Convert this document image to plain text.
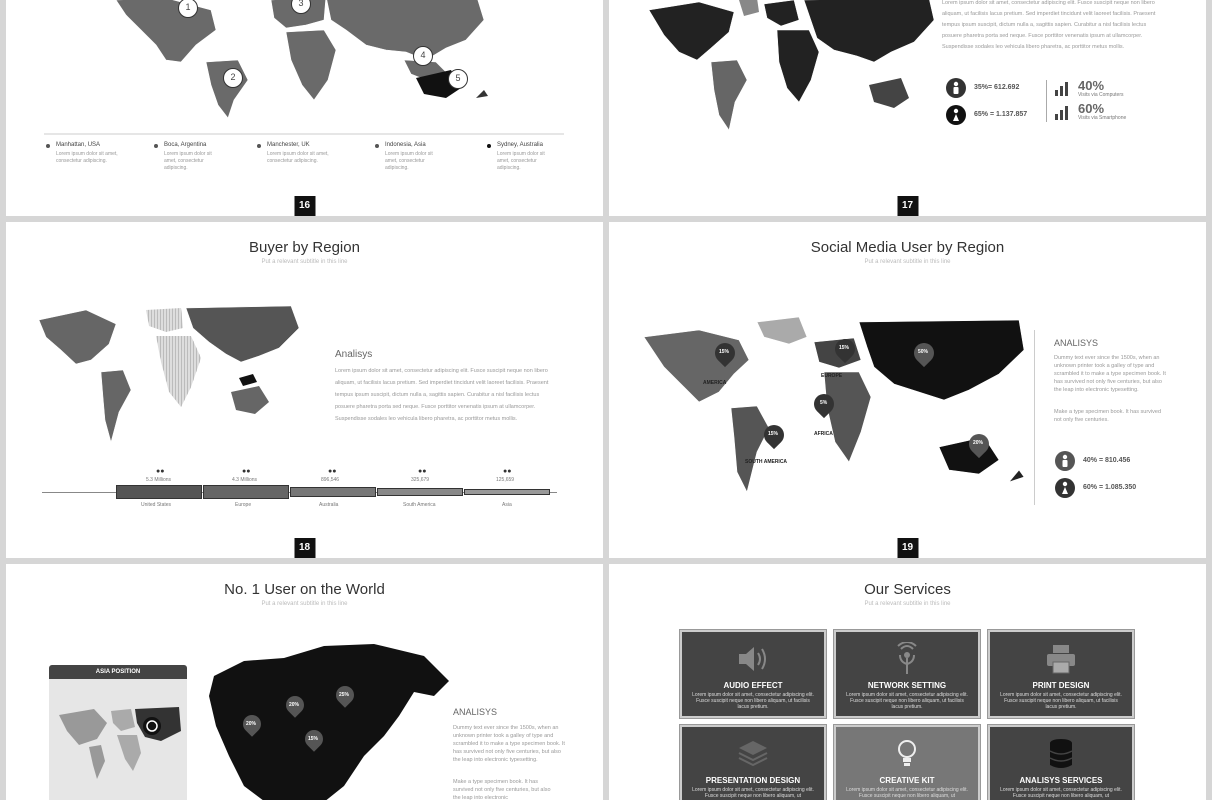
1
2
3
4
5
Manhattan, USA
Lorem ipsum dolor sit amet, consectetur adipiscing.
Boca, Argentina
Lorem ipsum dolor sit amet, consectetur adipiscing.
Manchester, UK
Lorem ipsum dolor sit amet, consectetur adipiscing.
Indonesia, Asia
Lorem ipsum dolor sit amet, consectetur adipiscing.
Sydney, Australia
Lorem ipsum dolor sit amet, consectetur adipiscing.
16
Lorem ipsum dolor sit amet, consectetur adipiscing elit. Fusce suscipit neque non libero aliquam, ut facilisis lacus pretium. Sed imperdiet tincidunt velit laoreet facilisis. Praesent tempus ipsum suscipit, dictum nulla a, sagittis sapien. Curabitur a nisl facilisis lectus posuere pharetra porta sed neque. Fusce porttitor venenatis ipsum at ullamcorper. Suspendisse sodales leo vehicula libero pharetra, ac porttitor metus mollis.
35%= 612.692
65% = 1.137.857
40%
Visits via Computers
60%
Visits via Smartphone
17
Buyer by Region
Put a relevant subtitle in this line
Analisys
Lorem ipsum dolor sit amet, consectetur adipiscing elit. Fusce suscipit neque non libero aliquam, ut facilisis lacus pretium. Sed imperdiet tincidunt velit laoreet facilisis. Praesent tempus ipsum suscipit, dictum nulla a, sagittis sapien. Curabitur a nisl facilisis lectus posuere pharetra porta sed neque. Fusce porttitor venenatis ipsum at ullamcorper. Suspendisse sodales leo vehicula libero pharetra, ac porttitor metus mollis.
5.3 Millions	4.3 Millions	896,546	325,679	125,659
●●	●●	●●	●●	●●
United States	Europe	Australia	South America	Asia
18
Social Media User by Region
Put a relevant subtitle in this line
15%
AMERICA
15%
EUROPE
50%
5%
AFRICA
15%
SOUTH AMERICA
20%
ANALISYS
Dummy text ever since the 1500s, when an unknown printer took a galley of type and scrambled it to make a type specimen book. It has survived not only five centuries, but also the leap into electronic typesetting.
Make a type specimen book. It has survived not only five centuries.
40% = 810.456
60% = 1.085.350
19
No. 1 User on the World
Put a relevant subtitle in this line
ASIA POSITION
20%
20%
25%
15%
ANALISYS
Dummy text ever since the 1500s, when an unknown printer took a galley of type and scrambled it to make a type specimen book. It has survived not only five centuries, but also the leap into electronic typesetting.
Make a type specimen book. It has survived not only five centuries, but also the leap into electronic
Our Services
Put a relevant subtitle in this line
AUDIO EFFECT
Lorem ipsum dolor sit amet, consectetur adipiscing elit. Fusce suscipit neque non libero aliquam, ut facilisis lacus pretium.
NETWORK SETTING
Lorem ipsum dolor sit amet, consectetur adipiscing elit. Fusce suscipit neque non libero aliquam, ut facilisis lacus pretium.
PRINT DESIGN
Lorem ipsum dolor sit amet, consectetur adipiscing elit. Fusce suscipit neque non libero aliquam, ut facilisis lacus pretium.
PRESENTATION DESIGN
Lorem ipsum dolor sit amet, consectetur adipiscing elit. Fusce suscipit neque non libero aliquam, ut
CREATIVE KIT
Lorem ipsum dolor sit amet, consectetur adipiscing elit. Fusce suscipit neque non libero aliquam, ut
ANALISYS SERVICES
Lorem ipsum dolor sit amet, consectetur adipiscing elit. Fusce suscipit neque non libero aliquam, ut
